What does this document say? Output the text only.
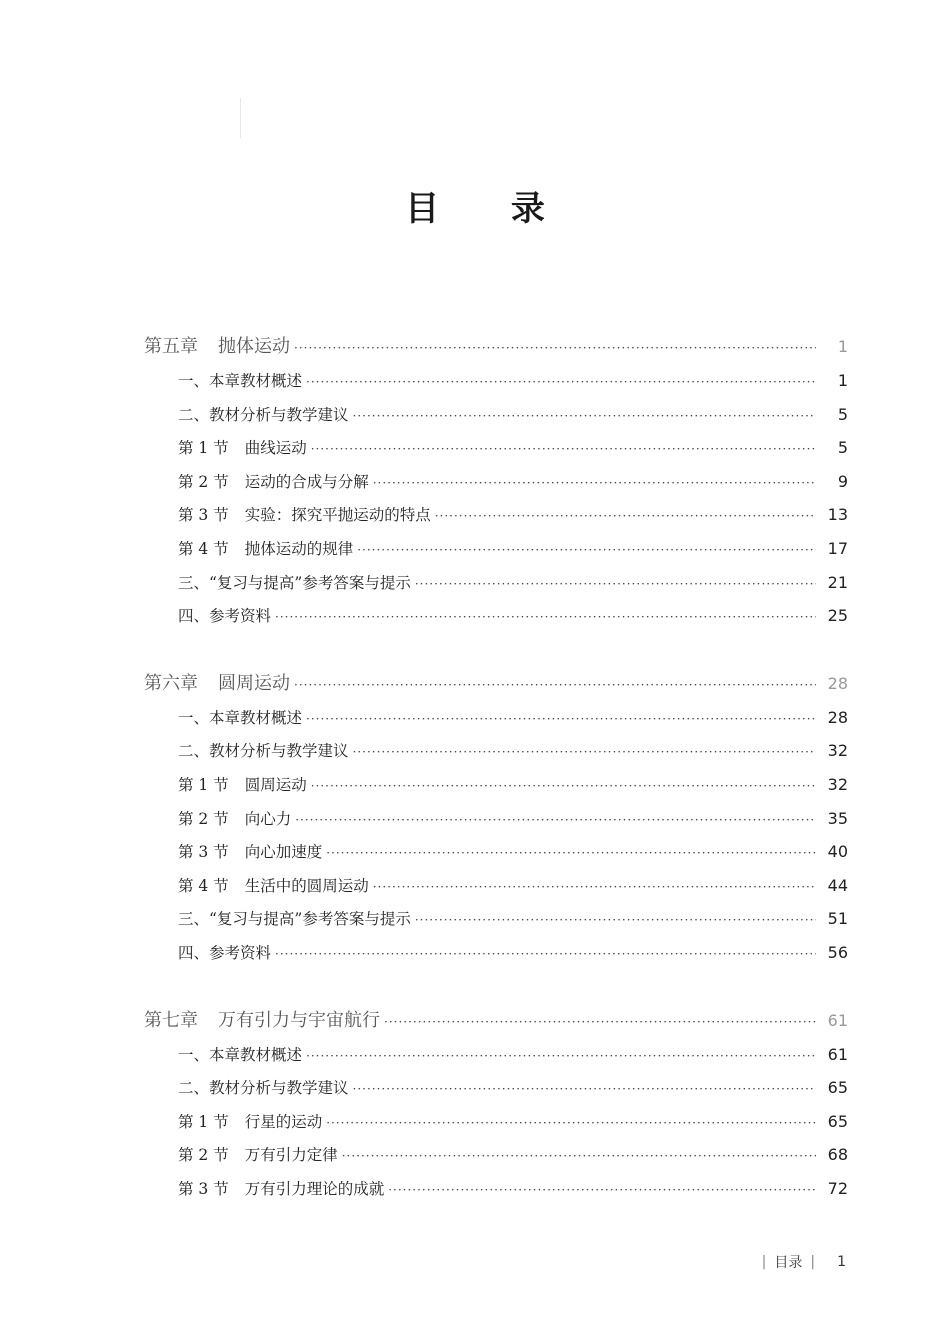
目 录
第五章 抛体运动 ·····	1
一、本章教材概述 ·····	1
二、教材分析与教学建议 ·····	5
第 1 节 曲线运动 ·····	5
第 2 节 运动的合成与分解 ·····	9
第 3 节 实验：探究平抛运动的特点 ·····	13
第 4 节 抛体运动的规律 ·····	17
三、“复习与提高”参考答案与提示 ·····	21
四、参考资料 ·····	25
第六章 圆周运动 ·····	28
一、本章教材概述 ·····	28
二、教材分析与教学建议 ·····	32
第 1 节 圆周运动 ·····	32
第 2 节 向心力 ·····	35
第 3 节 向心加速度 ·····	40
第 4 节 生活中的圆周运动 ·····	44
三、“复习与提高”参考答案与提示 ·····	51
四、参考资料 ·····	56
第七章 万有引力与宇宙航行 ·····	61
一、本章教材概述 ·····	61
二、教材分析与教学建议 ·····	65
第 1 节 行星的运动 ·····	65
第 2 节 万有引力定律 ·····	68
第 3 节 万有引力理论的成就 ·····	72
| 目录 | 1
